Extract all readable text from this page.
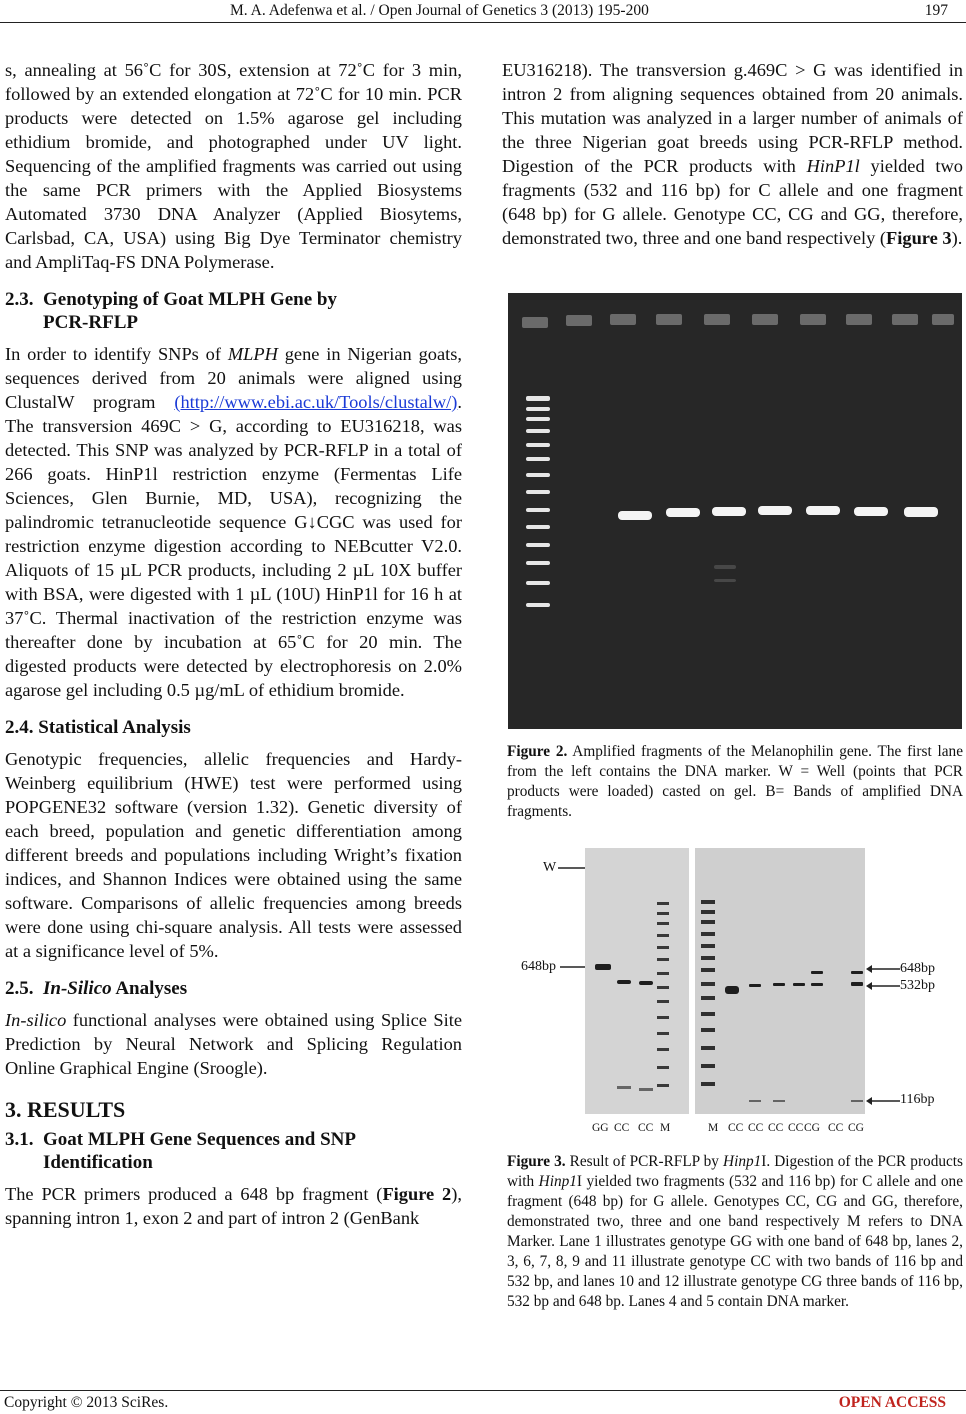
M. A. Adefenwa et al. / Open Journal of Genetics 3 (2013) 195-200	197

s, annealing at 56˚C for 30S, extension at 72˚C for 3 min, followed by an extended elongation at 72˚C for 10 min. PCR products were detected on 1.5% agarose gel including ethidium bromide, and photographed under UV light. Sequencing of the amplified fragments was carried out using the same PCR primers with the Applied Biosystems Automated 3730 DNA Analyzer (Applied Biosytems, Carlsbad, CA, USA) using Big Dye Terminator chemistry and AmpliTaq-FS DNA Polymerase.

2.3. Genotyping of Goat MLPH Gene by
PCR-RFLP

In order to identify SNPs of MLPH gene in Nigerian goats, sequences derived from 20 animals were aligned using ClustalW program (http://www.ebi.ac.uk/Tools/clustalw/). The transversion 469C > G, according to EU316218, was detected. This SNP was analyzed by PCR-RFLP in a total of 266 goats. HinP1l restriction enzyme (Fermentas Life Sciences, Glen Burnie, MD, USA), recognizing the palindromic tetranucleotide sequence G↓CGC was used for restriction enzyme digestion according to NEBcutter V2.0. Aliquots of 15 µL PCR products, including 2 µL 10X buffer with BSA, were digested with 1 µL (10U) HinP1l for 16 h at 37˚C. Thermal inactivation of the restriction enzyme was thereafter done by incubation at 65˚C for 20 min. The digested products were detected by electrophoresis on 2.0% agarose gel including 0.5 µg/mL of ethidium bromide.

2.4. Statistical Analysis

Genotypic frequencies, allelic frequencies and Hardy-Weinberg equilibrium (HWE) test were performed using POPGENE32 software (version 1.32). Genetic diversity of each breed, population and genetic differentiation among different breeds and populations including Wright’s fixation indices, and Shannon Indices were obtained using the same software. Comparisons of allelic frequencies among breeds were done using chi-square analysis. All tests were assessed at a significance level of 5%.

2.5. In-Silico Analyses

In-silico functional analyses were obtained using Splice Site Prediction by Neural Network and Splicing Regulation Online Graphical Engine (Sroogle).

3. RESULTS
3.1. Goat MLPH Gene Sequences and SNP
Identification

The PCR primers produced a 648 bp fragment (Figure 2), spanning intron 1, exon 2 and part of intron 2 (GenBank

EU316218). The transversion g.469C > G was identified in intron 2 from aligning sequences obtained from 20 animals. This mutation was analyzed in a larger number of animals of the three Nigerian goat breeds using PCR-RFLP method. Digestion of the PCR products with HinP1l yielded two fragments (532 and 116 bp) for C allele and one fragment (648 bp) for G allele. Genotype CC, CG and GG, therefore, demonstrated two, three and one band respectively (Figure 3).

Figure 2. Amplified fragments of the Melanophilin gene. The first lane from the left contains the DNA marker. W = Well (points that PCR products were loaded) casted on gel. B= Bands of amplified DNA fragments.
W
648bp	648bp
532bp
116bp
GG CC CC M	M CC CC CC CC CG CC CG
Figure 3. Result of PCR-RFLP by Hinp1I. Digestion of the PCR products with Hinp1I yielded two fragments (532 and 116 bp) for C allele and one fragment (648 bp) for G allele. Genotypes CC, CG and GG, therefore, demonstrated two, three and one band respectively M refers to DNA Marker. Lane 1 illustrates genotype GG with one band of 648 bp, lanes 2, 3, 6, 7, 8, 9 and 11 illustrate genotype CC with two bands of 116 bp and 532 bp, and lanes 10 and 12 illustrate genotype CG three bands of 116 bp, 532 bp and 648 bp. Lanes 4 and 5 contain DNA marker.
Copyright © 2013 SciRes.	OPEN ACCESS
